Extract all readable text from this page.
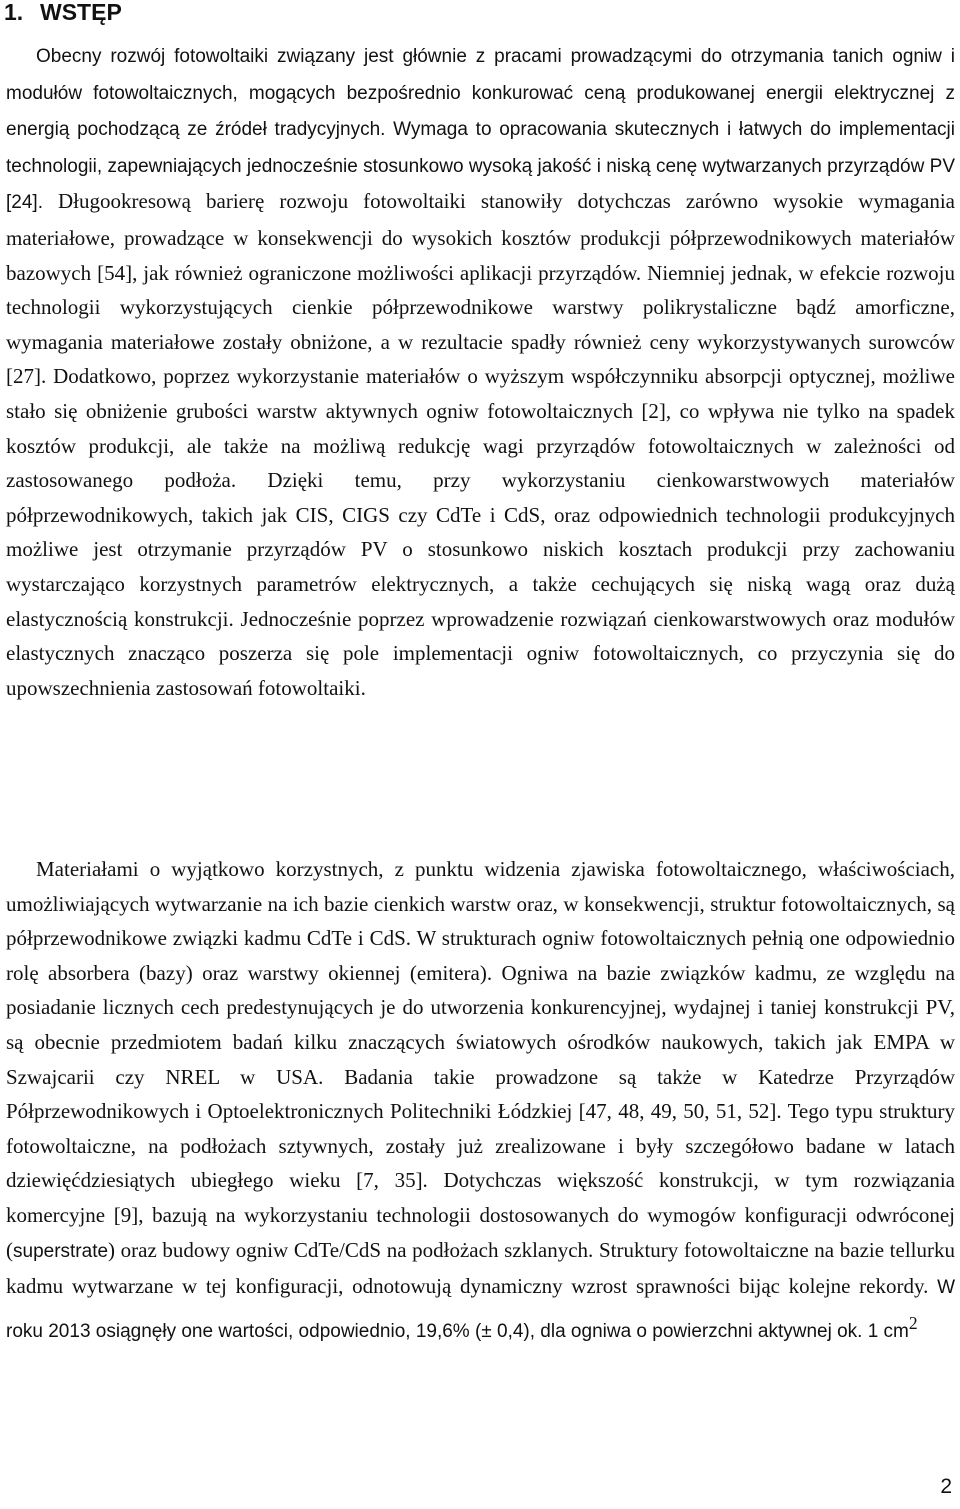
1. WSTĘP

Obecny rozwój fotowoltaiki związany jest głównie z pracami prowadzącymi do otrzymania tanich ogniw i modułów fotowoltaicznych, mogących bezpośrednio konkurować ceną produkowanej energii elektrycznej z energią pochodzącą ze źródeł tradycyjnych. Wymaga to opracowania skutecznych i łatwych do implementacji technologii, zapewniających jednocześnie stosunkowo wysoką jakość i niską cenę wytwarzanych przyrządów PV [24]. Długookresową barierę rozwoju fotowoltaiki stanowiły dotychczas zarówno wysokie wymagania materiałowe, prowadzące w konsekwencji do wysokich kosztów produkcji półprzewodnikowych materiałów bazowych [54], jak również ograniczone możliwości aplikacji przyrządów. Niemniej jednak, w efekcie rozwoju technologii wykorzystujących cienkie półprzewodnikowe warstwy polikrystaliczne bądź amorficzne, wymagania materiałowe zostały obniżone, a w rezultacie spadły również ceny wykorzystywanych surowców [27]. Dodatkowo, poprzez wykorzystanie materiałów o wyższym współczynniku absorpcji optycznej, możliwe stało się obniżenie grubości warstw aktywnych ogniw fotowoltaicznych [2], co wpływa nie tylko na spadek kosztów produkcji, ale także na możliwą redukcję wagi przyrządów fotowoltaicznych w zależności od zastosowanego podłoża. Dzięki temu, przy wykorzystaniu cienkowarstwowych materiałów półprzewodnikowych, takich jak CIS, CIGS czy CdTe i CdS, oraz odpowiednich technologii produkcyjnych możliwe jest otrzymanie przyrządów PV o stosunkowo niskich kosztach produkcji przy zachowaniu wystarczająco korzystnych parametrów elektrycznych, a także cechujących się niską wagą oraz dużą elastycznością konstrukcji. Jednocześnie poprzez wprowadzenie rozwiązań cienkowarstwowych oraz modułów elastycznych znacząco poszerza się pole implementacji ogniw fotowoltaicznych, co przyczynia się do upowszechnienia zastosowań fotowoltaiki.

Materiałami o wyjątkowo korzystnych, z punktu widzenia zjawiska fotowoltaicznego, właściwościach, umożliwiających wytwarzanie na ich bazie cienkich warstw oraz, w konsekwencji, struktur fotowoltaicznych, są półprzewodnikowe związki kadmu CdTe i CdS. W strukturach ogniw fotowoltaicznych pełnią one odpowiednio rolę absorbera (bazy) oraz warstwy okiennej (emitera). Ogniwa na bazie związków kadmu, ze względu na posiadanie licznych cech predestynujących je do utworzenia konkurencyjnej, wydajnej i taniej konstrukcji PV, są obecnie przedmiotem badań kilku znaczących światowych ośrodków naukowych, takich jak EMPA w Szwajcarii czy NREL w USA. Badania takie prowadzone są także w Katedrze Przyrządów Półprzewodnikowych i Optoelektronicznych Politechniki Łódzkiej [47, 48, 49, 50, 51, 52]. Tego typu struktury fotowoltaiczne, na podłożach sztywnych, zostały już zrealizowane i były szczegółowo badane w latach dziewięćdziesiątych ubiegłego wieku [7, 35]. Dotychczas większość konstrukcji, w tym rozwiązania komercyjne [9], bazują na wykorzystaniu technologii dostosowanych do wymogów konfiguracji odwróconej (superstrate) oraz budowy ogniw CdTe/CdS na podłożach szklanych. Struktury fotowoltaiczne na bazie tellurku kadmu wytwarzane w tej konfiguracji, odnotowują dynamiczny wzrost sprawności bijąc kolejne rekordy. W roku 2013 osiągnęły one wartości, odpowiednio, 19,6% (± 0,4), dla ogniwa o powierzchni aktywnej ok. 1 $cm^2$

2
